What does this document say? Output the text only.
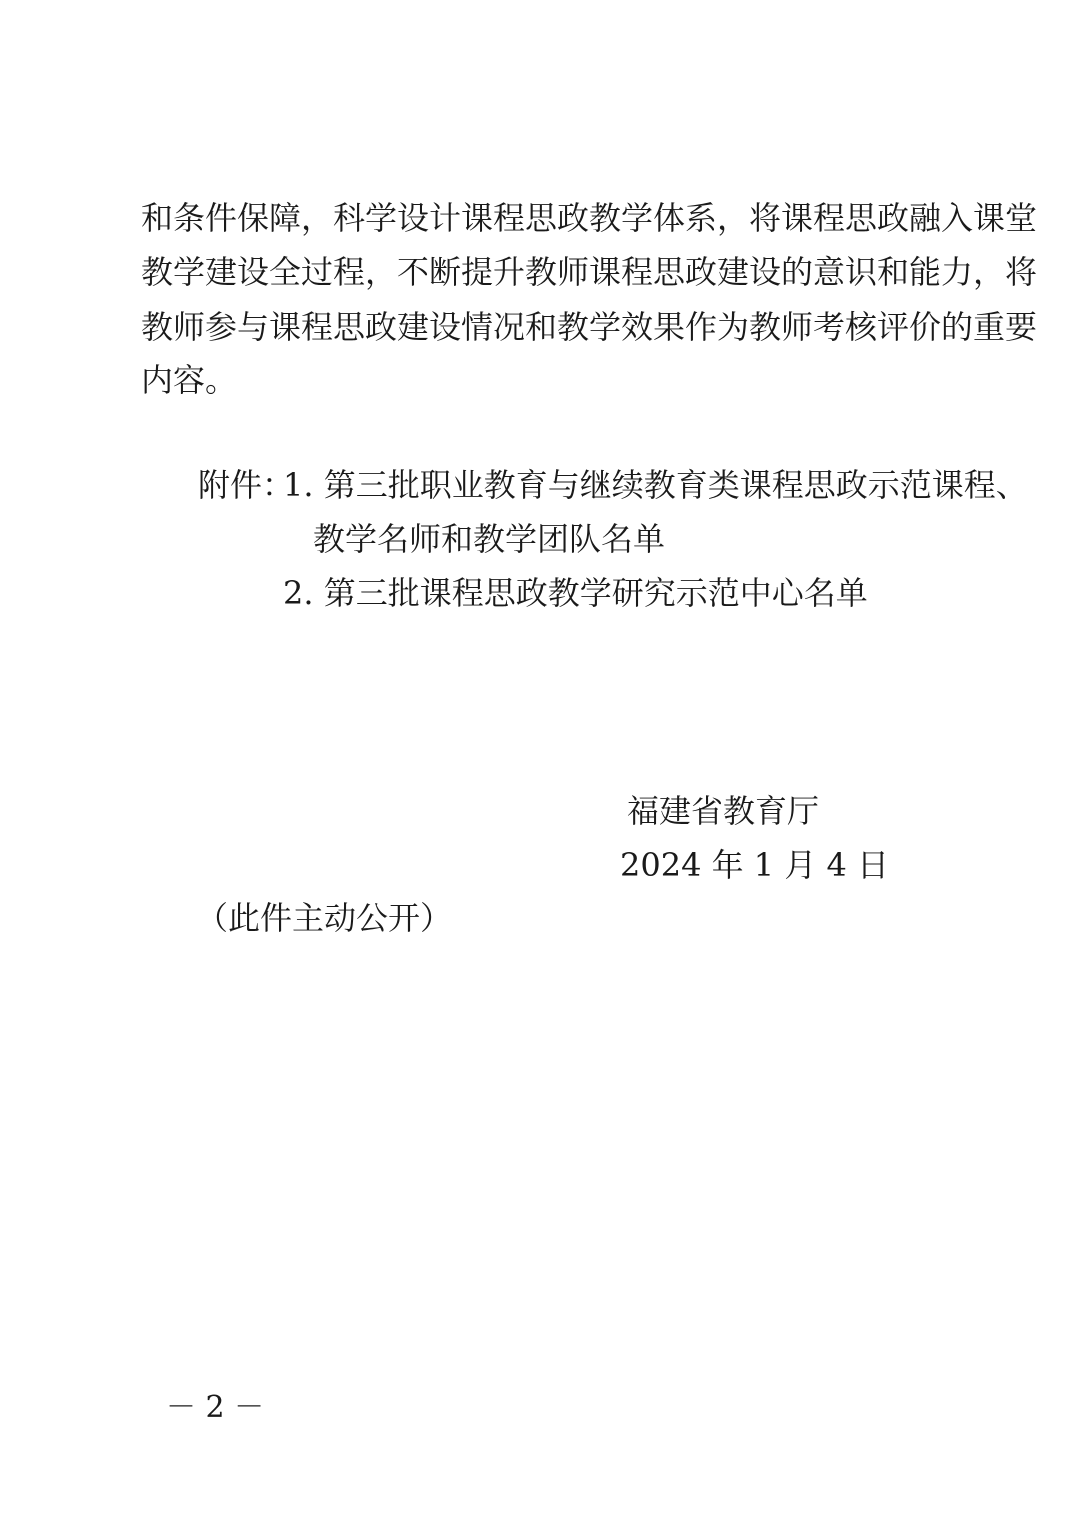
和条件保障，科学设计课程思政教学体系，将课程思政融入课堂
教学建设全过程，不断提升教师课程思政建设的意识和能力，将
教师参与课程思政建设情况和教学效果作为教师考核评价的重要
内容。
附件：
1. 第三批职业教育与继续教育类课程思政示范课程、
教学名师和教学团队名单
2. 第三批课程思政教学研究示范中心名单
福建省教育厅
2024 年 1 月 4 日
（此件主动公开）
－ 2 －
